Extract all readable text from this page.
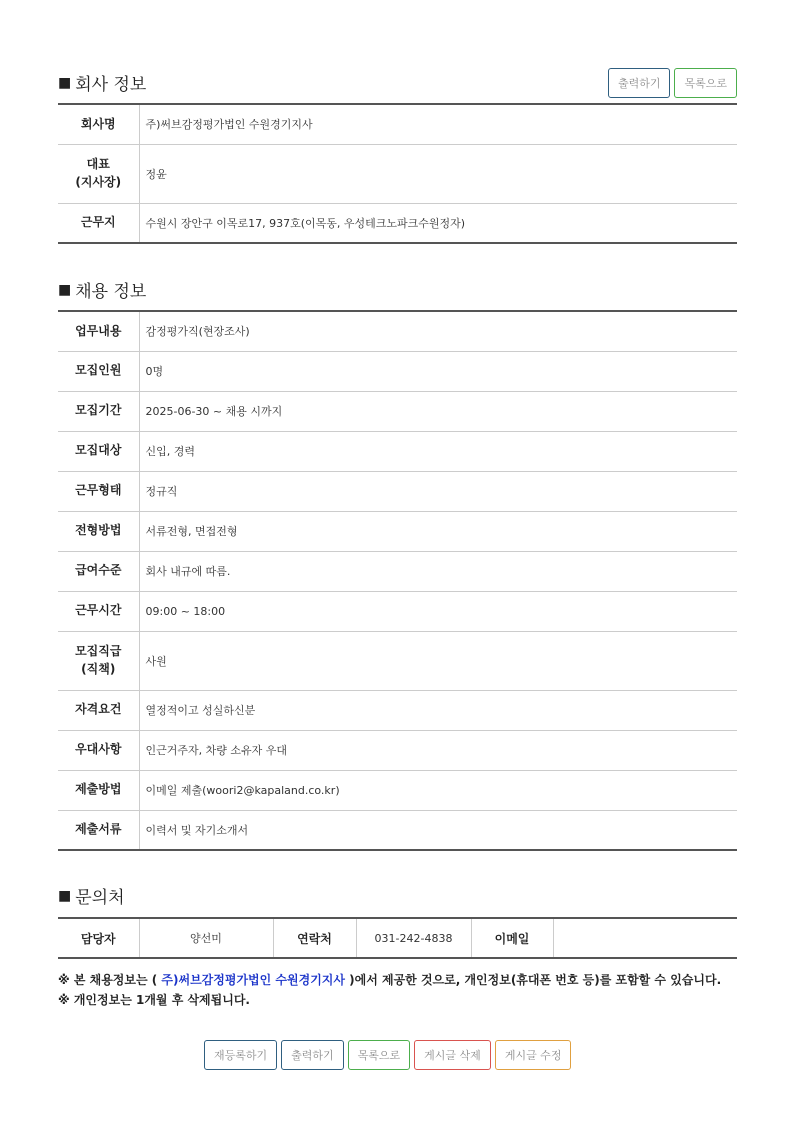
■ 회사 정보	출력하기	목록으로
회사명	주)써브감정평가법인 수원경기지사

대표
(지사장)	정윤
근무지	수원시 장안구 이목로17, 937호(이목동, 우성테크노파크수원정자)
■ 채용 정보
업무내용	감정평가직(현장조사)
모집인원	0명
모집기간	2025-06-30 ~ 채용 시까지
모집대상	신입, 경력
근무형태	정규직
전형방법	서류전형, 면접전형
급여수준	회사 내규에 따름.
근무시간	09:00 ~ 18:00

모집직급
(직책)	사원
자격요건	열정적이고 성실하신분
우대사항	인근거주자, 차량 소유자 우대
제출방법	이메일 제출(woori2@kapaland.co.kr)
제출서류	이력서 및 자기소개서
■ 문의처
담당자	양선미	연락처	031-242-4838	이메일	
※ 본 채용정보는 ( 주)써브감정평가법인 수원경기지사 )에서 제공한 것으로, 개인정보(휴대폰 번호 등)를 포함할 수 있습니다.
※ 개인정보는 1개월 후 삭제됩니다.
재등록하기	출력하기	목록으로	게시글 삭제	게시글 수정
